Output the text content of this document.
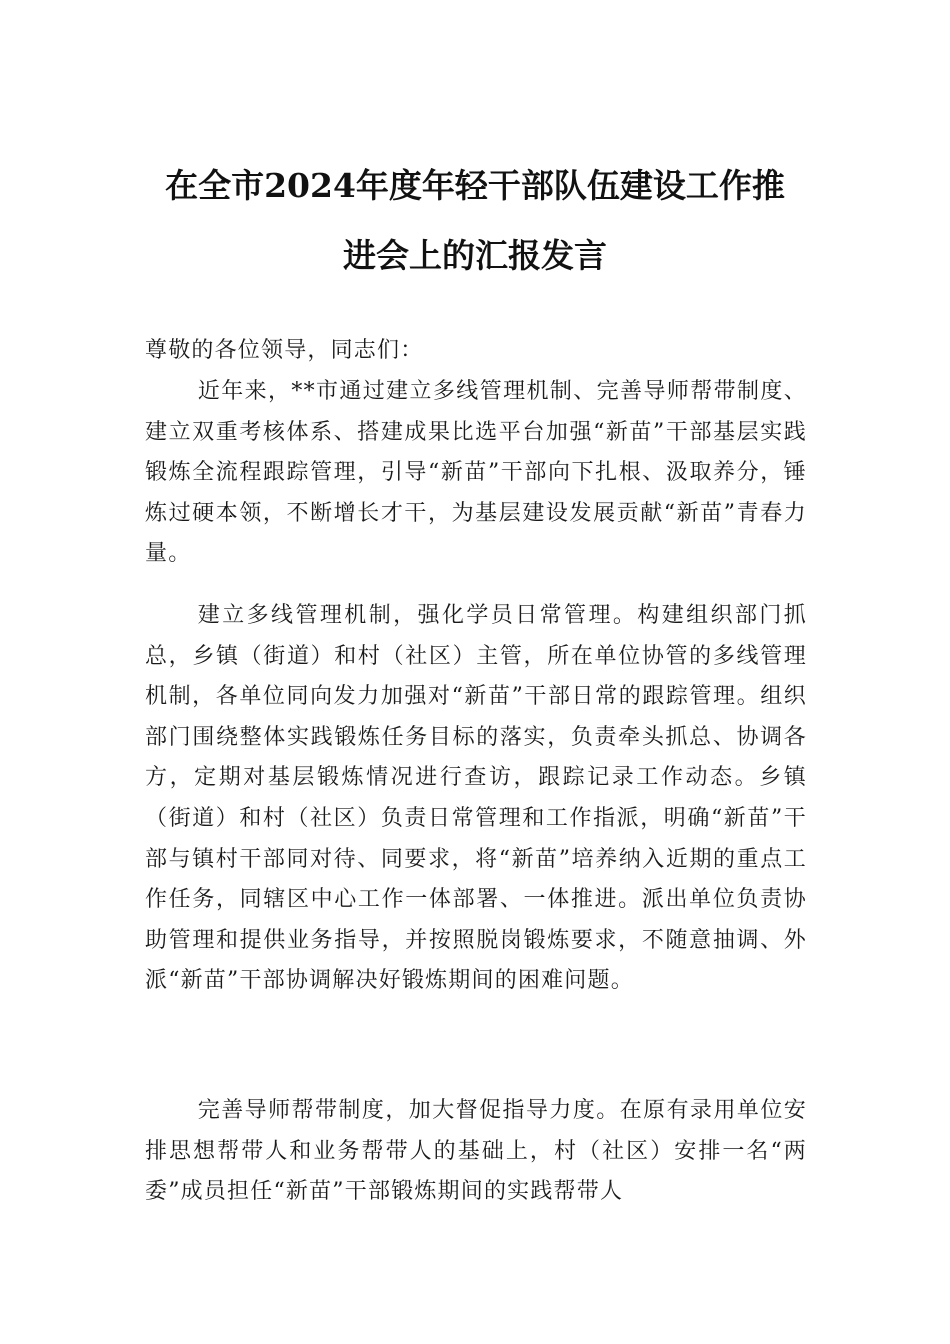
在全市2024年度年轻干部队伍建设工作推
进会上的汇报发言
尊敬的各位领导，同志们：

近年来，**市通过建立多线管理机制、完善导师帮带制度、建立双重考核体系、搭建成果比选平台加强“新苗”干部基层实践锻炼全流程跟踪管理，引导“新苗”干部向下扎根、汲取养分，锤炼过硬本领，不断增长才干，为基层建设发展贡献“新苗”青春力量。

建立多线管理机制，强化学员日常管理。构建组织部门抓总，乡镇（街道）和村（社区）主管，所在单位协管的多线管理机制，各单位同向发力加强对“新苗”干部日常的跟踪管理。组织部门围绕整体实践锻炼任务目标的落实，负责牵头抓总、协调各方，定期对基层锻炼情况进行查访，跟踪记录工作动态。乡镇（街道）和村（社区）负责日常管理和工作指派，明确“新苗”干部与镇村干部同对待、同要求，将“新苗”培养纳入近期的重点工作任务，同辖区中心工作一体部署、一体推进。派出单位负责协助管理和提供业务指导，并按照脱岗锻炼要求，不随意抽调、外派“新苗”干部协调解决好锻炼期间的困难问题。

完善导师帮带制度，加大督促指导力度。在原有录用单位安排思想帮带人和业务帮带人的基础上，村（社区）安排一名“两委”成员担任“新苗”干部锻炼期间的实践帮带人
